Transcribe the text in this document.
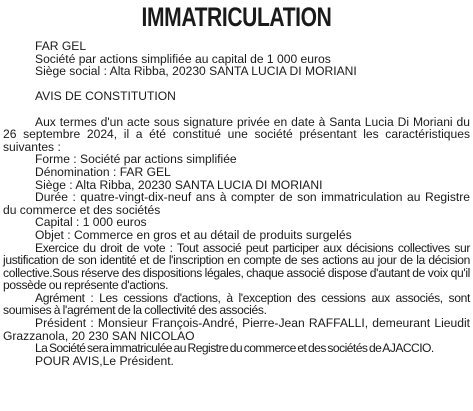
IMMATRICULATION
FAR GEL
Société par actions simplifiée au capital de 1 000 euros
Siège social : Alta Ribba, 20230 SANTA LUCIA DI MORIANI
AVIS DE CONSTITUTION
Aux termes d'un acte sous signature privée en date à Santa Lucia Di Moriani du 26 septembre 2024, il a été constitué une société présentant les caractéristiques suivantes :
Forme : Société par actions simplifiée
Dénomination : FAR GEL
Siège : Alta Ribba, 20230 SANTA LUCIA DI MORIANI
Durée : quatre-vingt-dix-neuf ans à compter de son immatriculation au Registre du commerce et des sociétés
Capital : 1 000 euros
Objet : Commerce en gros et au détail de produits surgelés
Exercice du droit de vote : Tout associé peut participer aux décisions collectives sur justification de son identité et de l'inscription en compte de ses actions au jour de la décision collective.Sous réserve des dispositions légales, chaque associé dispose d'autant de voix qu'il possède ou représente d'actions.
Agrément : Les cessions d'actions, à l'exception des cessions aux associés, sont soumises à l'agrément de la collectivité des associés.
Président : Monsieur François-André, Pierre-Jean RAFFALLI, demeurant Lieudit Grazzanola, 20 230 SAN NICOLAO
La Société sera immatriculée au Registre du commerce et des sociétés de AJACCIO.
POUR AVIS,Le Président.
